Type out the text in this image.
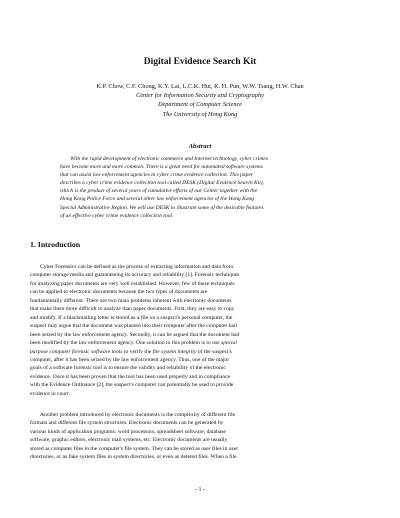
Digital Evidence Search Kit
K.P. Chow, C.F. Chong, K.Y. Lai, L.C.K. Hui, K. H. Pun, W.W. Tsang, H.W. Chan
Center for Information Security and Cryptography
Department of Computer Science
The University of Hong Kong
Abstract
With the rapid development of electronic commerce and Internet technology, cyber crimes
have become more and more common. There is a great need for automated software systems
that can assist law enforcement agencies in cyber crime evidence collection. This paper
describes a cyber crime evidence collection tool called DESK (Digital Evidence Search Kit),
which is the product of several years of cumulative efforts of our Center together with the
Hong Kong Police Force and several other law enforcement agencies of the Hong Kong
Special Administrative Region. We will use DESK to illustrate some of the desirable features
of an effective cyber crime evidence collection tool.
1. Introduction
Cyber Forensics can be defined as the process of extracting information and data from
computer storage media and guaranteeing its accuracy and reliability [1]. Forensic techniques
for analyzing paper documents are very well established. However, few of these techniques
can be applied to electronic documents because the two types of documents are
fundamentally different. There are two main problems inherent with electronic documents
that make them more difficult to analyze than paper documents. First, they are easy to copy
and modify. If a blackmailing letter is stored as a file on a suspect's personal computer, the
suspect may argue that the document was planted into their computer after the computer had
been seized by the law enforcement agency. Secondly, it can be argued that the document had
been modified by the law enforcement agency. One solution to this problem is to use special
purpose computer forensic software tools to verify the file system integrity of the suspect's
computer, after it has been seized by the law enforcement agency. Thus, one of the major
goals of a software forensic tool is to ensure the validity and reliability of the electronic
evidence. Once it has been proven that the tool has been used properly and in compliance
with the Evidence Ordinance [2], the suspect's computer can potentially be used to provide
evidence in court.
Another problem introduced by electronic documents is the complexity of different file
formats and different file system structures. Electronic documents can be generated by
various kinds of application programs: word processors, spreadsheet software, database
software, graphic editors, electronic mail systems, etc. Electronic documents are usually
stored as computer files in the computer's file system. They can be stored as user files in user
directories, or as fake system files in system directories, or even as deleted files. When a file
- 1 -
